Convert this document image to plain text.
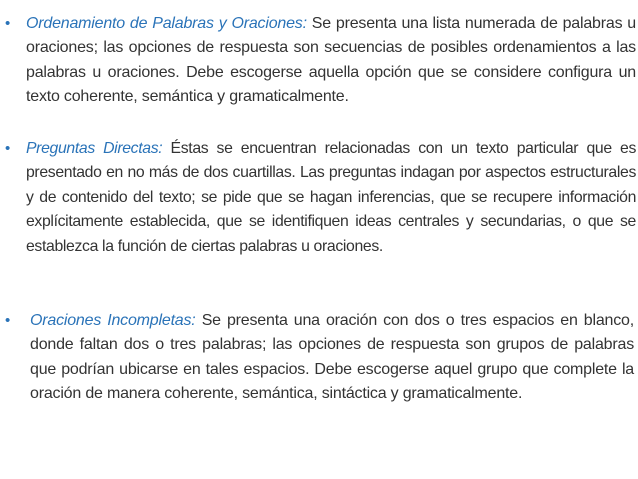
• Ordenamiento de Palabras y Oraciones: Se presenta una lista numerada de palabras u oraciones; las opciones de respuesta son secuencias de posibles ordenamientos a las palabras u oraciones. Debe escogerse aquella opción que se considere configura un texto coherente, semántica y gramaticalmente.
• Preguntas Directas: Éstas se encuentran relacionadas con un texto particular que es presentado en no más de dos cuartillas. Las preguntas indagan por aspectos estructurales y de contenido del texto; se pide que se hagan inferencias, que se recupere información explícitamente establecida, que se identifiquen ideas centrales y secundarias, o que se establezca la función de ciertas palabras u oraciones.
• Oraciones Incompletas: Se presenta una oración con dos o tres espacios en blanco, donde faltan dos o tres palabras; las opciones de respuesta son grupos de palabras que podrían ubicarse en tales espacios. Debe escogerse aquel grupo que complete la oración de manera coherente, semántica, sintáctica y gramaticalmente.
